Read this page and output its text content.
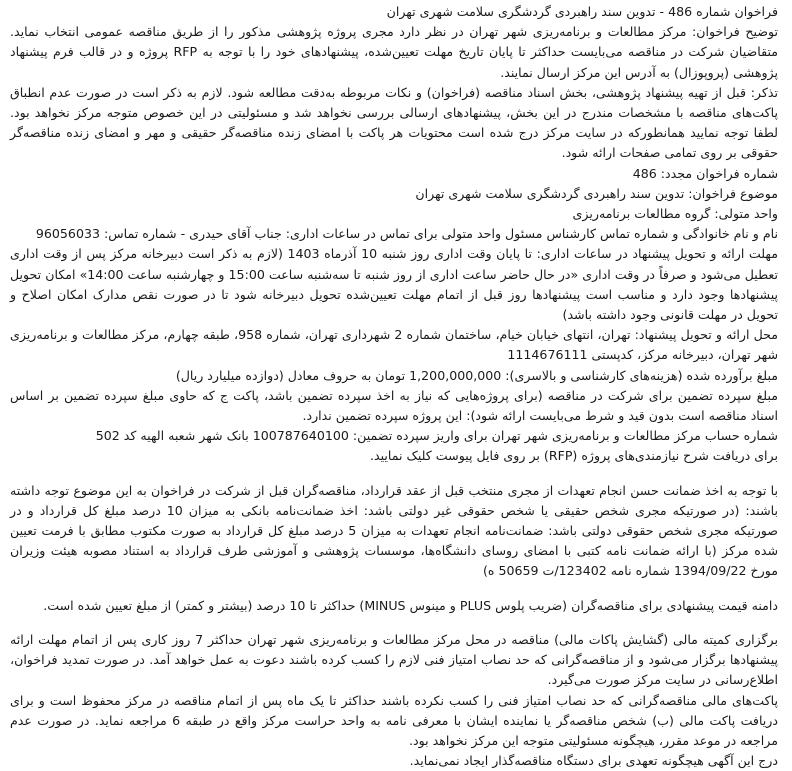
فراخوان شماره 486 - تدوین سند راهبردی گردشگری سلامت شهری تهران

توضیح فراخوان: مرکز مطالعات و برنامه‌ریزی شهر تهران در نظر دارد مجری پروژه پژوهشی مذکور را از طریق مناقصه عمومی انتخاب نماید. متقاضیان شرکت در مناقصه می‌بایست حداکثر تا پایان تاریخ مهلت تعیین‌شده، پیشنهادهای خود را با توجه به RFP پروژه و در قالب فرم پیشنهاد پژوهشی (پروپوزال) به آدرس این مرکز ارسال نمایند.

تذکر: قبل از تهیه پیشنهاد پژوهشی، بخش اسناد مناقصه (فراخوان) و نکات مربوطه به‌دقت مطالعه شود. لازم به ذکر است در صورت عدم انطباق پاکت‌های مناقصه با مشخصات مندرج در این بخش، پیشنهادهای ارسالی بررسی نخواهد شد و مسئولیتی در این خصوص متوجه مرکز نخواهد بود. لطفا توجه نمایید همانطورکه در سایت مرکز درج شده است محتویات هر پاکت با امضای زنده مناقصه‌گر حقیقی و مهر و امضای زنده مناقصه‌گر حقوقی بر روی تمامی صفحات ارائه شود.

شماره فراخوان مجدد: 486

موضوع فراخوان: تدوین سند راهبردی گردشگری سلامت شهری تهران

واحد متولی: گروه مطالعات برنامه‌ریزی

نام و نام خانوادگی و شماره تماس کارشناس مسئول واحد متولی برای تماس در ساعات اداری: جناب آقای حیدری - شماره تماس: 96056033

مهلت ارائه و تحویل پیشنهاد در ساعات اداری: تا پایان وقت اداری روز شنبه 10 آذرماه 1403 (لازم به ذکر است دبیرخانه مرکز پس از وقت اداری تعطیل می‌شود و صرفاً در وقت اداری «در حال حاضر ساعت اداری از روز شنبه تا سه‌شنبه ساعت 15:00 و چهارشنبه ساعت 14:00» امکان تحویل پیشنهادها وجود دارد و مناسب است پیشنهادها روز قبل از اتمام مهلت تعیین‌شده تحویل دبیرخانه شود تا در صورت نقص مدارک امکان اصلاح و تحویل در مهلت قانونی وجود داشته باشد)

محل ارائه و تحویل پیشنهاد: تهران، انتهای خیابان خیام، ساختمان شماره 2 شهرداری تهران، شماره 958، طبقه چهارم، مرکز مطالعات و برنامه‌ریزی شهر تهران، دبیرخانه مرکز، کدپستی 1114676111

مبلغ برآورده شده (هزینه‌های کارشناسی و بالاسری): 1,200,000,000 تومان به حروف معادل (دوازده میلیارد ریال)

مبلغ سپرده تضمین برای شرکت در مناقصه (برای پروژه‌هایی که نیاز به اخذ سپرده تضمین باشد، پاکت ج که حاوی مبلغ سپرده تضمین بر اساس اسناد مناقصه است بدون قید و شرط می‌بایست ارائه شود): این پروژه سپرده تضمین ندارد.

شماره حساب مرکز مطالعات و برنامه‌ریزی شهر تهران برای واریز سپرده تضمین: 100787640100 بانک شهر شعبه الهیه کد 502

برای دریافت شرح نیازمندی‌های پروژه (RFP) بر روی فایل پیوست کلیک نمایید.

با توجه به اخذ ضمانت حسن انجام تعهدات از مجری منتخب قبل از عقد قرارداد، مناقصه‌گران قبل از شرکت در فراخوان به این موضوع توجه داشته باشند: (در صورتیکه مجری شخص حقیقی یا شخص حقوقی غیر دولتی باشد: اخذ ضمانت‌نامه بانکی به میزان 10 درصد مبلغ کل قرارداد و در صورتیکه مجری شخص حقوقی دولتی باشد: ضمانت‌نامه انجام تعهدات به میزان 5 درصد مبلغ کل قرارداد به صورت مکتوب مطابق با فرمت تعیین شده مرکز (با ارائه ضمانت نامه کتبی با امضای روسای دانشگاه‌ها، موسسات پژوهشی و آموزشی طرف قرارداد به استناد مصوبه هیئت وزیران مورخ 1394/09/22 شماره نامه 123402/ت 50659 ه)

دامنه قیمت پیشنهادی برای مناقصه‌گران (ضریب پلوس PLUS و مینوس MINUS) حداکثر تا 10 درصد (بیشتر و کمتر) از مبلغ تعیین شده است.

برگزاری کمیته مالی (گشایش پاکات مالی) مناقصه در محل مرکز مطالعات و برنامه‌ریزی شهر تهران حداکثر 7 روز کاری پس از اتمام مهلت ارائه پیشنهادها برگزار می‌شود و از مناقصه‌گرانی که حد نصاب امتیاز فنی لازم را کسب کرده باشند دعوت به عمل خواهد آمد. در صورت تمدید فراخوان، اطلاع‌رسانی در سایت مرکز صورت می‌گیرد.

پاکت‌های مالی مناقصه‌گرانی که حد نصاب امتیاز فنی را کسب نکرده باشند حداکثر تا یک ماه پس از اتمام مناقصه در مرکز محفوظ است و برای دریافت پاکت مالی (ب) شخص مناقصه‌گر یا نماینده ایشان با معرفی نامه به واحد حراست مرکز واقع در طبقه 6 مراجعه نماید. در صورت عدم مراجعه در موعد مقرر، هیچگونه مسئولیتی متوجه این مرکز نخواهد بود.

درج این آگهی هیچگونه تعهدی برای دستگاه مناقصه‌گذار ایجاد نمی‌نماید.
